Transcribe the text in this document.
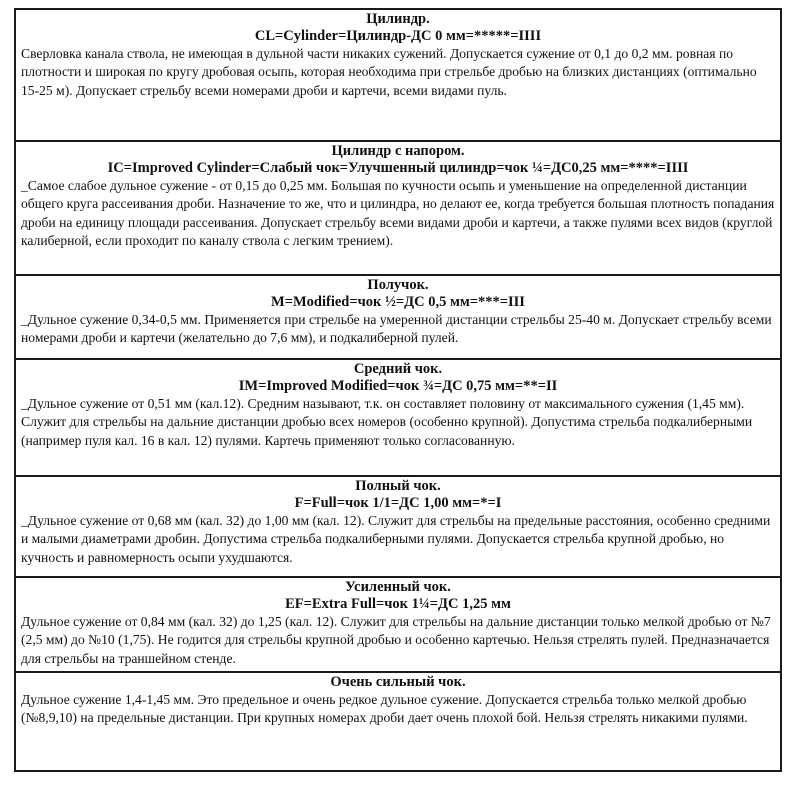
Цилиндр.
CL=Cylinder=Цилиндр-ДС 0 мм=*****=IIII
Сверловка канала ствола, не имеющая в дульной части никаких сужений. Допускается сужение от 0,1 до 0,2 мм. ровная по плотности и широкая по кругу дробовая осыпь, которая необходима при стрельбе дробью на близких дистанциях (оптимально 15-25 м). Допускает стрельбу всеми номерами дроби и картечи, всеми видами пуль.
Цилиндр с напором.
IC=Improved Cylinder=Слабый чок=Улучшенный цилиндр=чок ¼=ДС0,25 мм=****=IIII
_Самое слабое дульное сужение - от 0,15 до 0,25 мм. Большая по кучности осыпь и уменьшение на определенной дистанции общего круга рассеивания дроби. Назначение то же, что и цилиндра, но делают ее, когда требуется большая плотность попадания дроби на единицу площади рассеивания. Допускает стрельбу всеми видами дроби и картечи, а также пулями всех видов (круглой калиберной, если проходит по каналу ствола с легким трением).
Получок.
M=Modified=чок ½=ДС 0,5 мм=***=III
_Дульное сужение 0,34-0,5 мм. Применяется при стрельбе на умеренной дистанции стрельбы 25-40 м. Допускает стрельбу всеми номерами дроби и картечи (желательно до 7,6 мм), и подкалиберной пулей.
Средний чок.
IM=Improved Modified=чок ¾=ДС 0,75 мм=**=II
_Дульное сужение от 0,51 мм (кал.12). Средним называют, т.к. он составляет половину от максимального сужения (1,45 мм). Служит для стрельбы на дальние дистанции дробью всех номеров (особенно крупной). Допустима стрельба подкалиберными (например пуля кал. 16 в кал. 12) пулями. Картечь применяют только согласованную.
Полный чок.
F=Full=чок 1/1=ДС 1,00 мм=*=I
_Дульное сужение от 0,68 мм (кал. 32) до 1,00 мм (кал. 12). Служит для стрельбы на предельные расстояния, особенно средними и малыми диаметрами дробин. Допустима стрельба подкалиберными пулями. Допускается стрельба крупной дробью, но кучность и равномерность осыпи ухудшаются.
Усиленный чок.
EF=Extra Full=чок 1¼=ДС 1,25 мм
Дульное сужение от 0,84 мм (кал. 32) до 1,25 (кал. 12). Служит для стрельбы на дальние дистанции только мелкой дробью от №7 (2,5 мм) до №10 (1,75). Не годится для стрельбы крупной дробью и особенно картечью. Нельзя стрелять пулей. Предназначается для стрельбы на траншейном стенде.
Очень сильный чок.
Дульное сужение 1,4-1,45 мм. Это предельное и очень редкое дульное сужение. Допускается стрельба только мелкой дробью (№8,9,10) на предельные дистанции. При крупных номерах дроби дает очень плохой бой. Нельзя стрелять никакими пулями.
